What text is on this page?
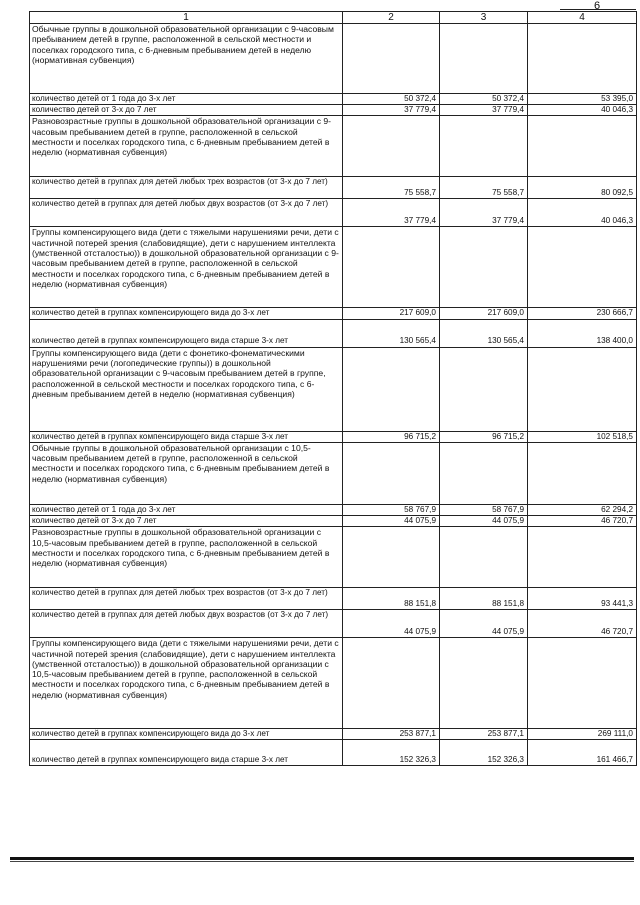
6
1	2	3	4
Обычные группы в дошкольной образовательной организации с 9-часовым пребыванием детей в группе, расположенной в сельской местности и поселках городского типа, с 6-дневным пребыванием детей в неделю (нормативная субвенция)			
количество детей от 1 года до 3-х лет	50 372,4	50 372,4	53 395,0
количество детей от 3-х до 7 лет	37 779,4	37 779,4	40 046,3
Разновозрастные группы в дошкольной образовательной организации с 9-часовым пребыванием детей в группе, расположенной в сельской местности и поселках городского типа, с 6-дневным пребыванием детей в неделю (нормативная субвенция)			
количество детей в группах для детей любых трех возрастов (от 3-х до 7 лет)	75 558,7	75 558,7	80 092,5
количество детей в группах для детей любых двух возрастов (от 3-х до 7 лет)	37 779,4	37 779,4	40 046,3
Группы компенсирующего вида (дети с тяжелыми нарушениями речи, дети с частичной потерей зрения (слабовидящие), дети с нарушением интеллекта (умственной отсталостью)) в дошкольной образовательной организации с 9-часовым пребыванием детей в группе, расположенной в сельской местности и поселках городского типа, с 6-дневным пребыванием детей в неделю (нормативная субвенция)			
количество детей в группах компенсирующего вида до 3-х лет	217 609,0	217 609,0	230 666,7
количество детей в группах компенсирующего вида старше 3-х лет	130 565,4	130 565,4	138 400,0
Группы компенсирующего вида (дети с фонетико-фонематическими нарушениями речи (логопедические группы)) в дошкольной образовательной организации с 9-часовым пребыванием детей в группе, расположенной в сельской местности и поселках городского типа, с 6-дневным пребыванием детей в неделю (нормативная субвенция)			
количество детей в группах компенсирующего вида старше 3-х лет	96 715,2	96 715,2	102 518,5
Обычные группы в дошкольной образовательной организации с 10,5-часовым пребыванием детей в группе, расположенной в сельской местности и поселках городского типа, с 6-дневным пребыванием детей в неделю (нормативная субвенция)			
количество детей от 1 года до 3-х лет	58 767,9	58 767,9	62 294,2
количество детей от 3-х до 7 лет	44 075,9	44 075,9	46 720,7
Разновозрастные группы в дошкольной образовательной организации с 10,5-часовым пребыванием детей в группе, расположенной в сельской местности и поселках городского типа, с 6-дневным пребыванием детей в неделю (нормативная субвенция)			
количество детей в группах для детей любых трех возрастов (от 3-х до 7 лет)	88 151,8	88 151,8	93 441,3
количество детей в группах для детей любых двух возрастов (от 3-х до 7 лет)	44 075,9	44 075,9	46 720,7
Группы компенсирующего вида (дети с тяжелыми нарушениями речи, дети с частичной потерей зрения (слабовидящие), дети с нарушением интеллекта (умственной отсталостью)) в дошкольной образовательной организации с 10,5-часовым пребыванием детей в группе, расположенной в сельской местности и поселках городского типа, с 6-дневным пребыванием детей в неделю (нормативная субвенция)			
количество детей в группах компенсирующего вида до 3-х лет	253 877,1	253 877,1	269 111,0
количество детей в группах компенсирующего вида старше 3-х лет	152 326,3	152 326,3	161 466,7
